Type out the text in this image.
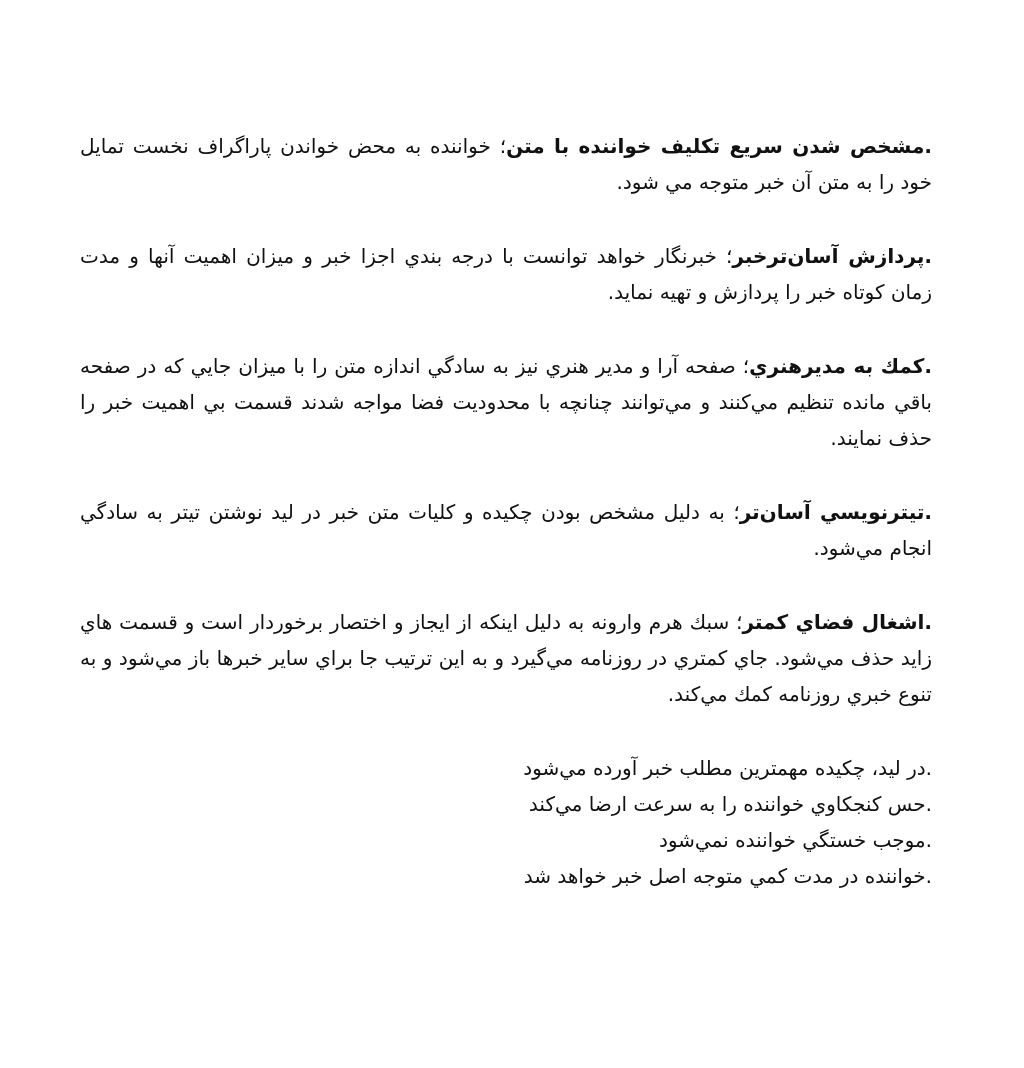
.مشخص شدن سريع تكليف خواننده با متن؛ خواننده به محض خواندن پاراگراف نخست تمايل خود را به متن آن خبر متوجه مي شود.

.پردازش آسان‌ترخبر؛ خبرنگار خواهد توانست با درجه بندي اجزا خبر و ميزان اهميت آنها و مدت زمان كوتاه خبر را پردازش و تهيه نمايد.

.كمك به مديرهنري؛ صفحه آرا و مدير هنري نيز به سادگي اندازه متن را با ميزان جايي كه در صفحه باقي مانده تنظيم مي‌كنند و مي‌توانند چنانچه با محدوديت فضا مواجه شدند قسمت بي اهميت خبر را حذف نمايند.

.تيترنويسي آسان‌تر؛ به دليل مشخص بودن چكيده و كليات متن خبر در ليد نوشتن تيتر به سادگي انجام مي‌شود.

.اشغال فضاي كمتر؛ سبك هرم وارونه به دليل اينكه از ايجاز و اختصار برخوردار است و قسمت هاي زايد حذف مي‌شود. جاي كمتري در روزنامه مي‌گيرد و به اين ترتيب جا براي ساير خبرها باز مي‌شود و به تنوع خبري روزنامه كمك مي‌كند.

.در ليد، چكيده مهمترين مطلب خبر آورده مي‌شود
.حس كنجكاوي خواننده را به سرعت ارضا مي‌كند
.موجب خستگي خواننده نمي‌شود
.خواننده در مدت كمي متوجه اصل خبر خواهد شد
